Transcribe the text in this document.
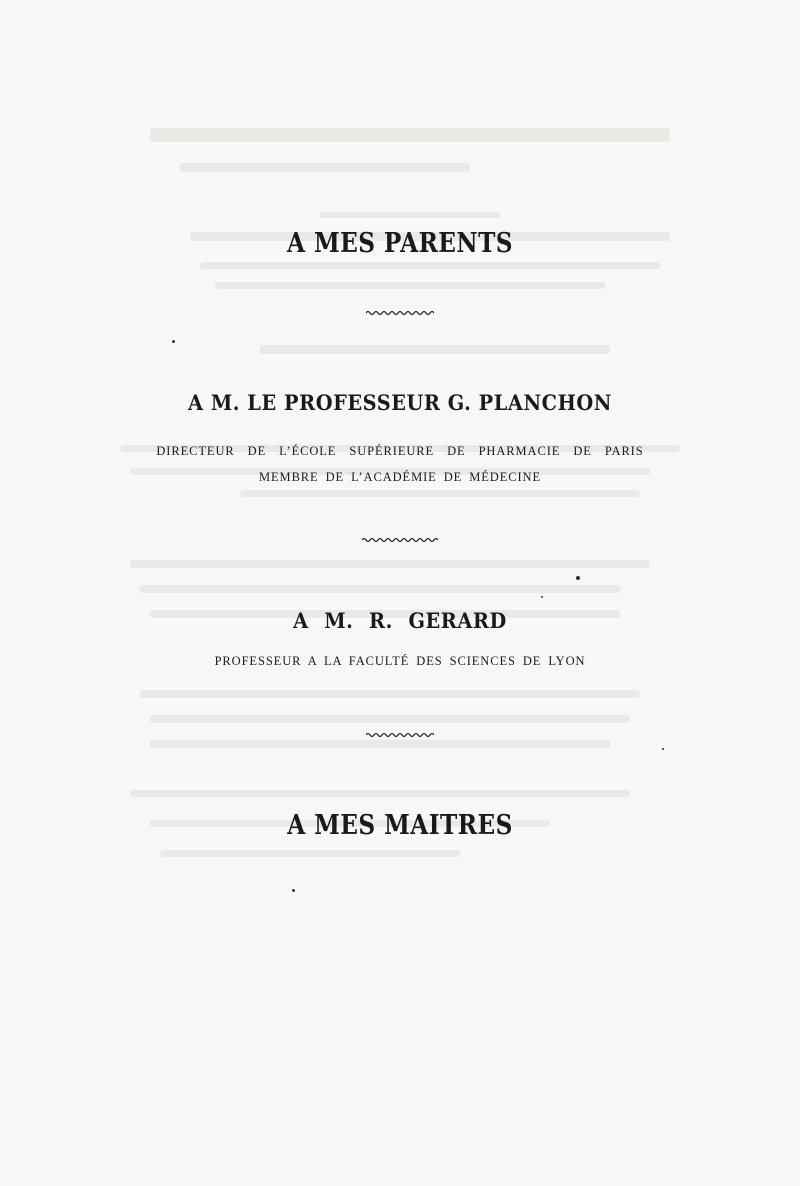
A MES PARENTS
A M. LE PROFESSEUR G. PLANCHON
DIRECTEUR DE L’ÉCOLE SUPÉRIEURE DE PHARMACIE DE PARIS
MEMBRE DE L’ACADÉMIE DE MÉDECINE
A M. R. GERARD
PROFESSEUR A LA FACULTÉ DES SCIENCES DE LYON
A MES MAITRES
